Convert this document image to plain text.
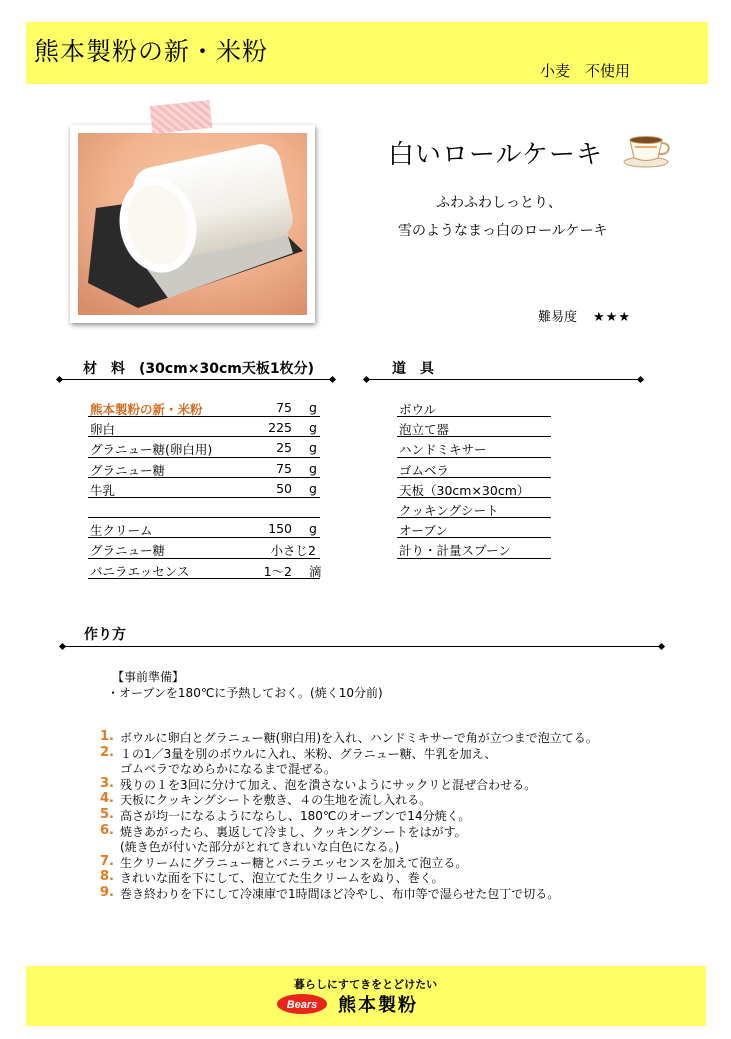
熊本製粉の新・米粉
小麦　不使用
白いロールケーキ
ふわふわしっとり、
雪のようなまっ白のロールケーキ
難易度 ★★★
材　料　(30cm×30cm天板1枚分)	道　具
熊本製粉の新・米粉	75 g
卵白	225 g
グラニュー糖(卵白用)	25 g
グラニュー糖	75 g
牛乳	50 g
生クリーム	150 g
グラニュー糖	小さじ2
バニラエッセンス	1～2 滴
ボウル
泡立て器
ハンドミキサー
ゴムベラ
天板（30cm×30cm）
クッキングシート
オーブン
計り・計量スプーン
作り方
【事前準備】
・オーブンを180℃に予熱しておく。(焼く10分前)
1. ボウルに卵白とグラニュー糖(卵白用)を入れ、ハンドミキサーで角が立つまで泡立てる。
2. １の1／3量を別のボウルに入れ、米粉、グラニュー糖、牛乳を加え、
ゴムベラでなめらかになるまで混ぜる。
3. 残りの１を3回に分けて加え、泡を潰さないようにサックリと混ぜ合わせる。
4. 天板にクッキングシートを敷き、４の生地を流し入れる。
5. 高さが均一になるようにならし、180℃のオーブンで14分焼く。
6. 焼きあがったら、裏返して冷まし、クッキングシートをはがす。
(焼き色が付いた部分がとれてきれいな白色になる。)
7. 生クリームにグラニュー糖とバニラエッセンスを加えて泡立る。
8. きれいな面を下にして、泡立てた生クリームをぬり、巻く。
9. 巻き終わりを下にして冷凍庫で1時間ほど冷やし、布巾等で湿らせた包丁で切る。
暮らしにすてきをとどけたい
Bears 熊本製粉
